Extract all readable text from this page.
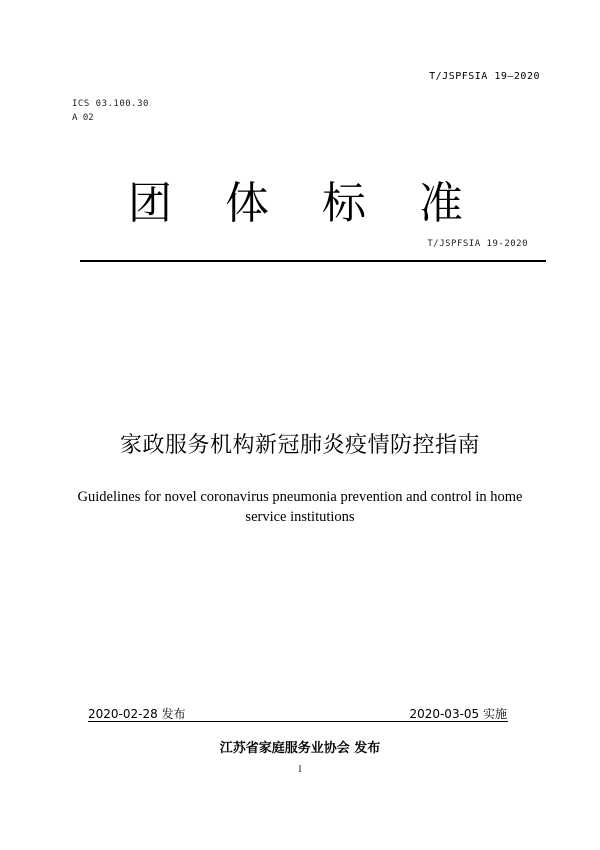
T/JSPFSIA 19—2020
ICS 03.100.30
A 02
团体标准
T/JSPFSIA 19-2020
家政服务机构新冠肺炎疫情防控指南
Guidelines for novel coronavirus pneumonia prevention and control in home service institutions
2020-02-28 发布	2020-03-05 实施
江苏省家庭服务业协会 发布
I
